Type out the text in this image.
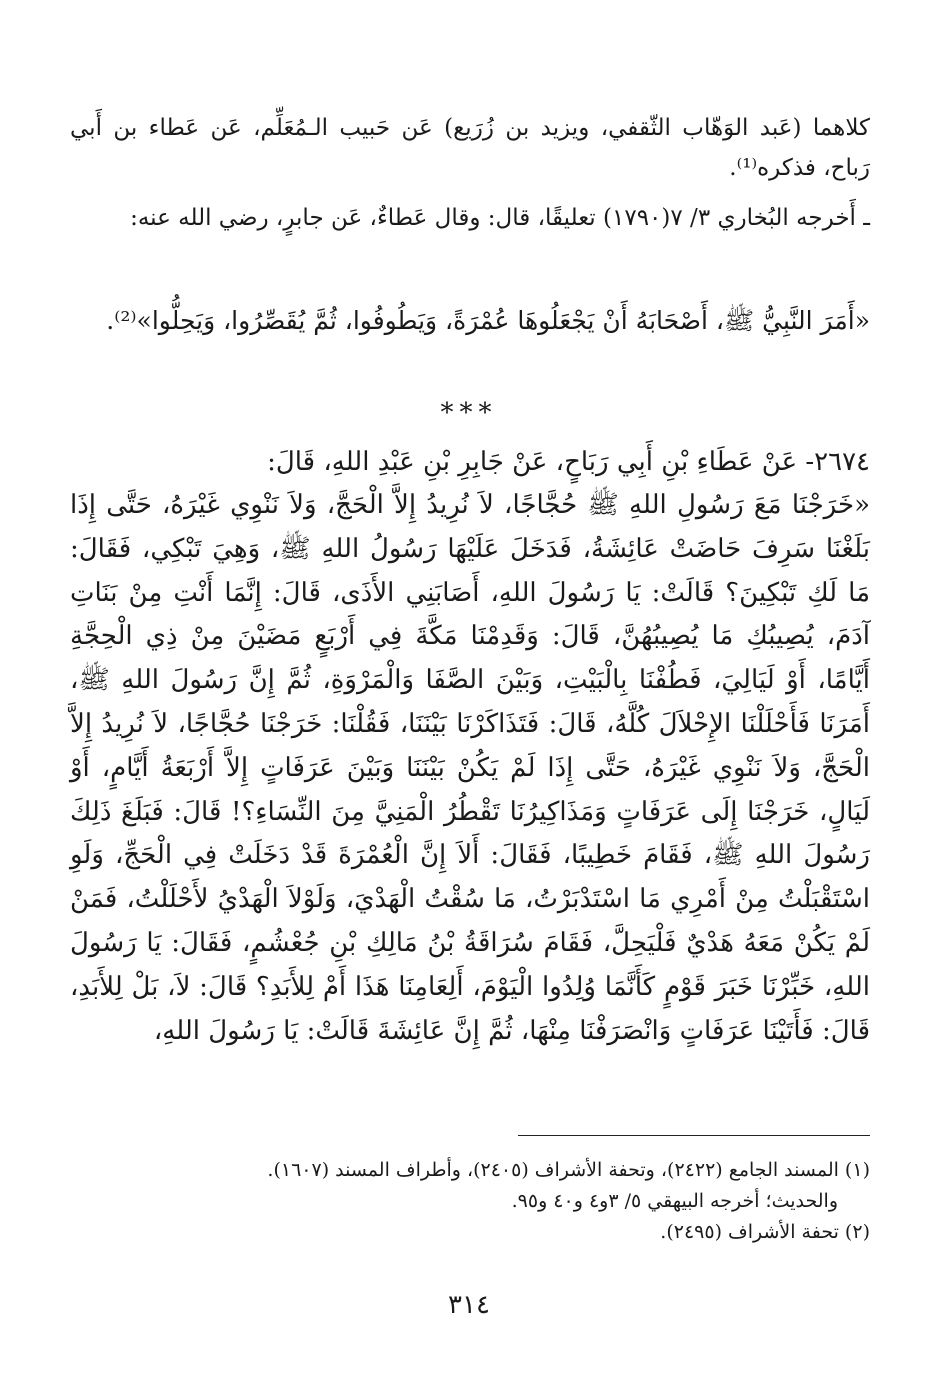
كلاهما (عَبد الوَهّاب الثّقفي، ويزيد بن زُرَيع) عَن حَبيب الـمُعَلِّم، عَن عَطاء بن أَبي رَباح، فذكره⁽¹⁾.

ـ أَخرجه البُخاري ٣/ ٧(١٧٩٠) تعليقًا، قال: وقال عَطاءٌ، عَن جابرٍ، رضي الله عنه:

«أَمَرَ النَّبِيُّ ﷺ، أَصْحَابَهُ أَنْ يَجْعَلُوهَا عُمْرَةً، وَيَطُوفُوا، ثُمَّ يُقَصِّرُوا، وَيَحِلُّوا»⁽²⁾.

***

٢٦٧٤- عَنْ عَطَاءِ بْنِ أَبِي رَبَاحٍ، عَنْ جَابِرِ بْنِ عَبْدِ اللهِ، قَالَ:

«خَرَجْنَا مَعَ رَسُولِ اللهِ ﷺ حُجَّاجًا، لاَ نُرِيدُ إِلاَّ الْحَجَّ، وَلاَ نَنْوِي غَيْرَهُ، حَتَّى إِذَا بَلَغْنَا سَرِفَ حَاضَتْ عَائِشَةُ، فَدَخَلَ عَلَيْهَا رَسُولُ اللهِ ﷺ، وَهِيَ تَبْكِي، فَقَالَ: مَا لَكِ تَبْكِينَ؟ قَالَتْ: يَا رَسُولَ اللهِ، أَصَابَنِي الأَذَى، قَالَ: إِنَّمَا أَنْتِ مِنْ بَنَاتِ آدَمَ، يُصِيبُكِ مَا يُصِيبُهُنَّ، قَالَ: وَقَدِمْنَا مَكَّةَ فِي أَرْبَعٍ مَضَيْنَ مِنْ ذِي الْحِجَّةِ أَيَّامًا، أَوْ لَيَالِيَ، فَطُفْنَا بِالْبَيْتِ، وَبَيْنَ الصَّفَا وَالْمَرْوَةِ، ثُمَّ إِنَّ رَسُولَ اللهِ ﷺ، أَمَرَنَا فَأَحْلَلْنَا الإِحْلاَلَ كُلَّهُ، قَالَ: فَتَذَاكَرْنَا بَيْنَنَا، فَقُلْنَا: خَرَجْنَا حُجَّاجًا، لاَ نُرِيدُ إِلاَّ الْحَجَّ، وَلاَ نَنْوِي غَيْرَهُ، حَتَّى إِذَا لَمْ يَكُنْ بَيْنَنَا وَبَيْنَ عَرَفَاتٍ إِلاَّ أَرْبَعَةُ أَيَّامٍ، أَوْ لَيَالٍ، خَرَجْنَا إِلَى عَرَفَاتٍ وَمَذَاكِيرُنَا تَقْطُرُ الْمَنِيَّ مِنَ النِّسَاءِ؟! قَالَ: فَبَلَغَ ذَلِكَ رَسُولَ اللهِ ﷺ، فَقَامَ خَطِيبًا، فَقَالَ: أَلاَ إِنَّ الْعُمْرَةَ قَدْ دَخَلَتْ فِي الْحَجِّ، وَلَوِ اسْتَقْبَلْتُ مِنْ أَمْرِي مَا اسْتَدْبَرْتُ، مَا سُقْتُ الْهَدْيَ، وَلَوْلاَ الْهَدْيُ لأَحْلَلْتُ، فَمَنْ لَمْ يَكُنْ مَعَهُ هَدْيٌ فَلْيَحِلَّ، فَقَامَ سُرَاقَةُ بْنُ مَالِكِ بْنِ جُعْشُمٍ، فَقَالَ: يَا رَسُولَ اللهِ، خَبِّرْنَا خَبَرَ قَوْمٍ كَأَنَّمَا وُلِدُوا الْيَوْمَ، أَلِعَامِنَا هَذَا أَمْ لِلأَبَدِ؟ قَالَ: لاَ، بَلْ لِلأَبَدِ، قَالَ: فَأَتَيْنَا عَرَفَاتٍ وَانْصَرَفْنَا مِنْهَا، ثُمَّ إِنَّ عَائِشَةَ قَالَتْ: يَا رَسُولَ اللهِ،

(١) المسند الجامع (٢٤٢٢)، وتحفة الأشراف (٢٤٠٥)، وأطراف المسند (١٦٠٧).

والحديث؛ أخرجه البيهقي ٥/ ٣و٤ و٤٠ و٩٥.

(٢) تحفة الأشراف (٢٤٩٥).

٣١٤
